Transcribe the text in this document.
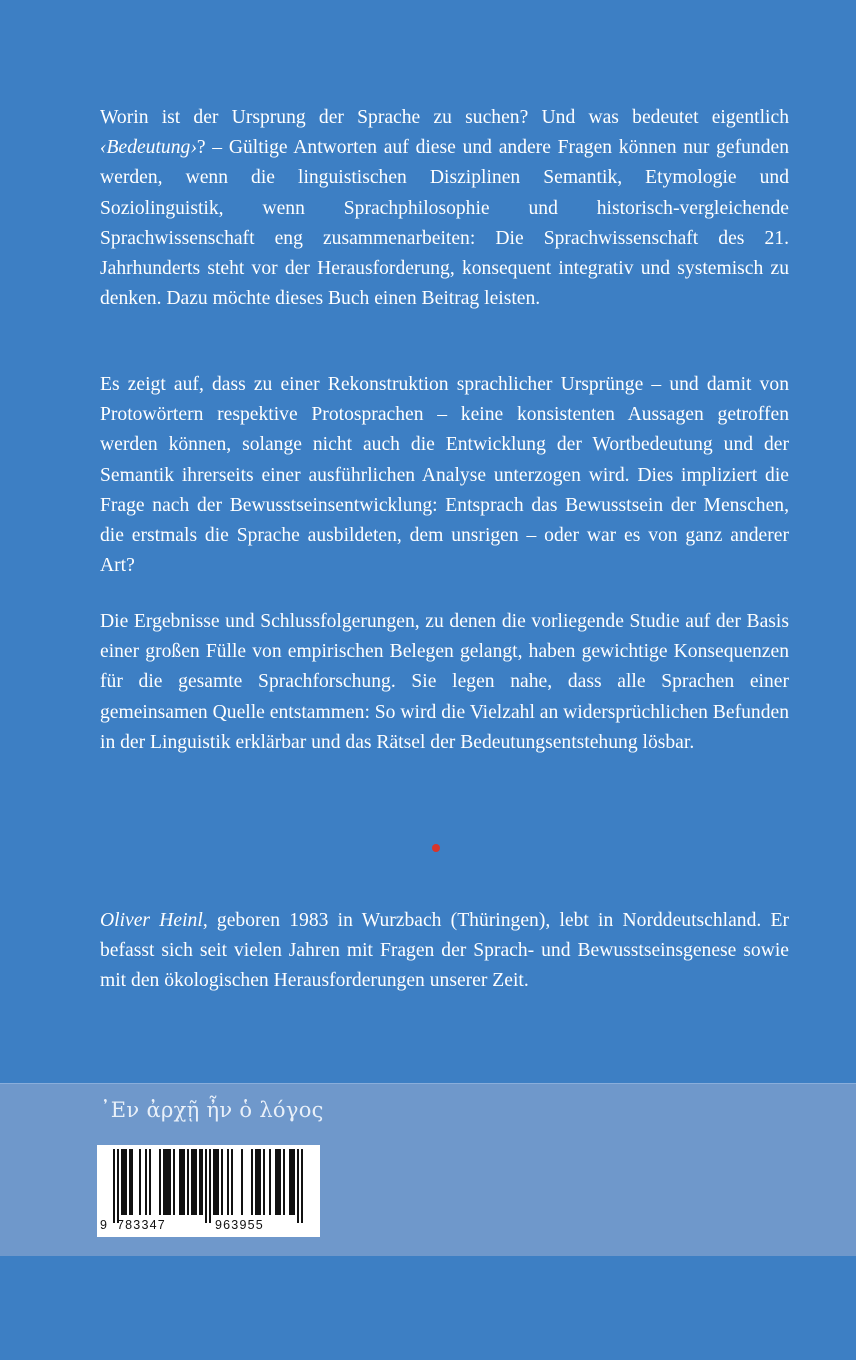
Worin ist der Ursprung der Sprache zu suchen? Und was bedeutet eigentlich ‹Bedeutung›? – Gültige Antworten auf diese und andere Fragen können nur gefunden werden, wenn die linguistischen Disziplinen Semantik, Etymologie und Soziolinguistik, wenn Sprachphilosophie und historisch-vergleichende Sprachwissenschaft eng zusammenarbeiten: Die Sprachwissenschaft des 21. Jahrhunderts steht vor der Herausforderung, konsequent integrativ und systemisch zu denken. Dazu möchte dieses Buch einen Beitrag leisten.

Es zeigt auf, dass zu einer Rekonstruktion sprachlicher Ursprünge – und damit von Protowörtern respektive Protosprachen – keine konsistenten Aussagen getroffen werden können, solange nicht auch die Entwicklung der Wortbedeutung und der Semantik ihrerseits einer ausführlichen Analyse unterzogen wird. Dies impliziert die Frage nach der Bewusstseinsentwicklung: Entsprach das Bewusstsein der Menschen, die erstmals die Sprache ausbildeten, dem unsrigen – oder war es von ganz anderer Art?

Die Ergebnisse und Schlussfolgerungen, zu denen die vorliegende Studie auf der Basis einer großen Fülle von empirischen Belegen gelangt, haben gewichtige Konsequenzen für die gesamte Sprachforschung. Sie legen nahe, dass alle Sprachen einer gemeinsamen Quelle entstammen: So wird die Vielzahl an widersprüchlichen Befunden in der Linguistik erklärbar und das Rätsel der Bedeutungsentstehung lösbar.

Oliver Heinl, geboren 1983 in Wurzbach (Thüringen), lebt in Norddeutschland. Er befasst sich seit vielen Jahren mit Fragen der Sprach- und Bewusstseinsgenese sowie mit den ökologischen Herausforderungen unserer Zeit.

᾿Εν ἀρχῇ ἦν ὁ λόγος
9 783347	963955
